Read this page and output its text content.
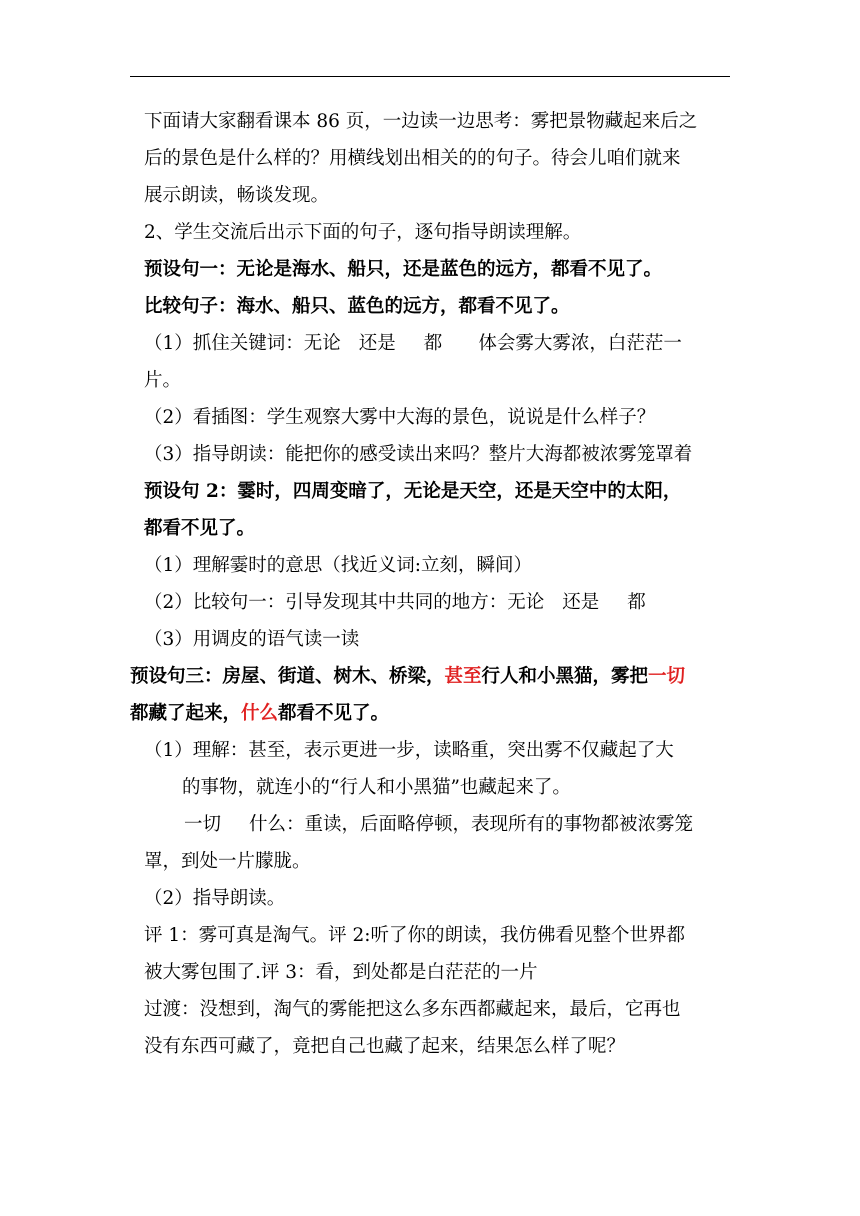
下面请大家翻看课本 86 页，一边读一边思考：雾把景物藏起来后之
后的景色是什么样的？用横线划出相关的的句子。待会儿咱们就来
展示朗读，畅谈发现。
2、学生交流后出示下面的句子，逐句指导朗读理解。
预设句一：无论是海水、船只，还是蓝色的远方，都看不见了。
比较句子：海水、船只、蓝色的远方，都看不见了。
（1）抓住关键词：无论 还是 都 体会雾大雾浓，白茫茫一
片。
（2）看插图：学生观察大雾中大海的景色，说说是什么样子？
（3）指导朗读：能把你的感受读出来吗？整片大海都被浓雾笼罩着
预设句 2：霎时，四周变暗了，无论是天空，还是天空中的太阳，
都看不见了。
（1）理解霎时的意思（找近义词:立刻，瞬间）
（2）比较句一：引导发现其中共同的地方：无论 还是 都
（3）用调皮的语气读一读
预设句三：房屋、街道、树木、桥梁，甚至行人和小黑猫，雾把一切
都藏了起来，什么都看不见了。
（1）理解：甚至，表示更进一步，读略重，突出雾不仅藏起了大
的事物，就连小的“行人和小黑猫”也藏起来了。
一切 什么：重读，后面略停顿，表现所有的事物都被浓雾笼
罩，到处一片朦胧。
（2）指导朗读。
评 1：雾可真是淘气。评 2:听了你的朗读，我仿佛看见整个世界都
被大雾包围了.评 3：看，到处都是白茫茫的一片
过渡：没想到，淘气的雾能把这么多东西都藏起来，最后，它再也
没有东西可藏了，竟把自己也藏了起来，结果怎么样了呢？
